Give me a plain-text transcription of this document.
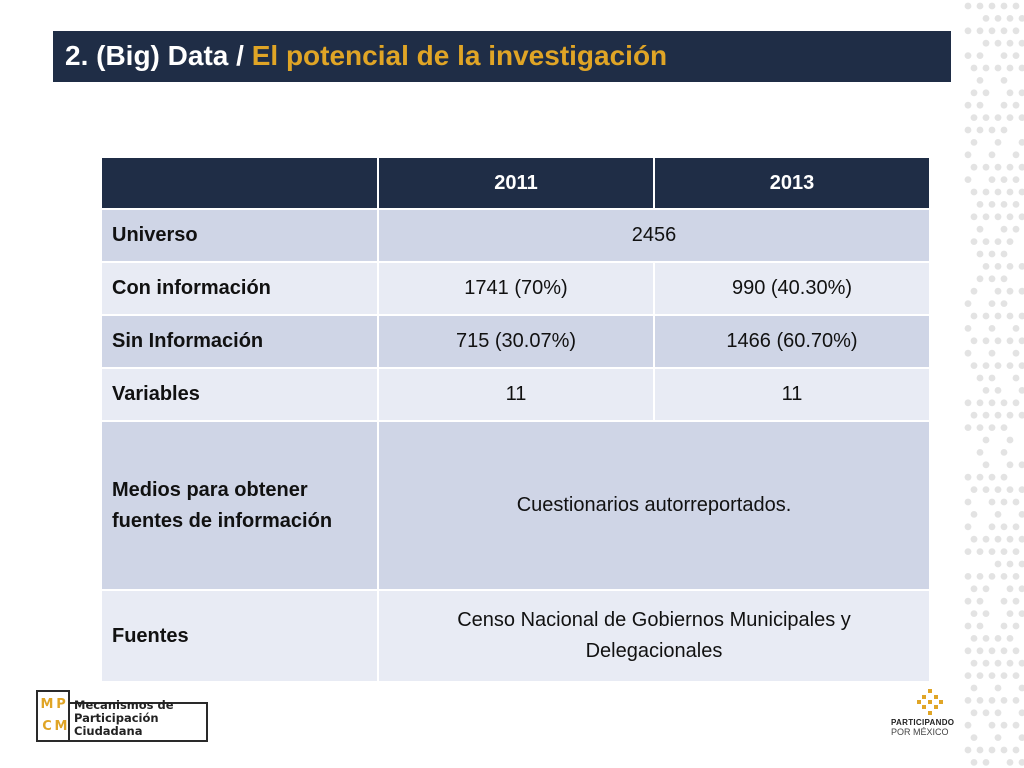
2. (Big) Data / El potencial de la investigación
	2011	2013
Universo	2456	
Con información	1741 (70%)	990 (40.30%)
Sin Información	715 (30.07%)	1466 (60.70%)
Variables	11	11
Medios para obtener fuentes de información	Cuestionarios autorreportados.	
Fuentes	Censo Nacional de Gobiernos Municipales y Delegacionales	
M P
C M
Mecanismos de
Participación
Ciudadana
PARTICIPANDO
POR MÉXICO
